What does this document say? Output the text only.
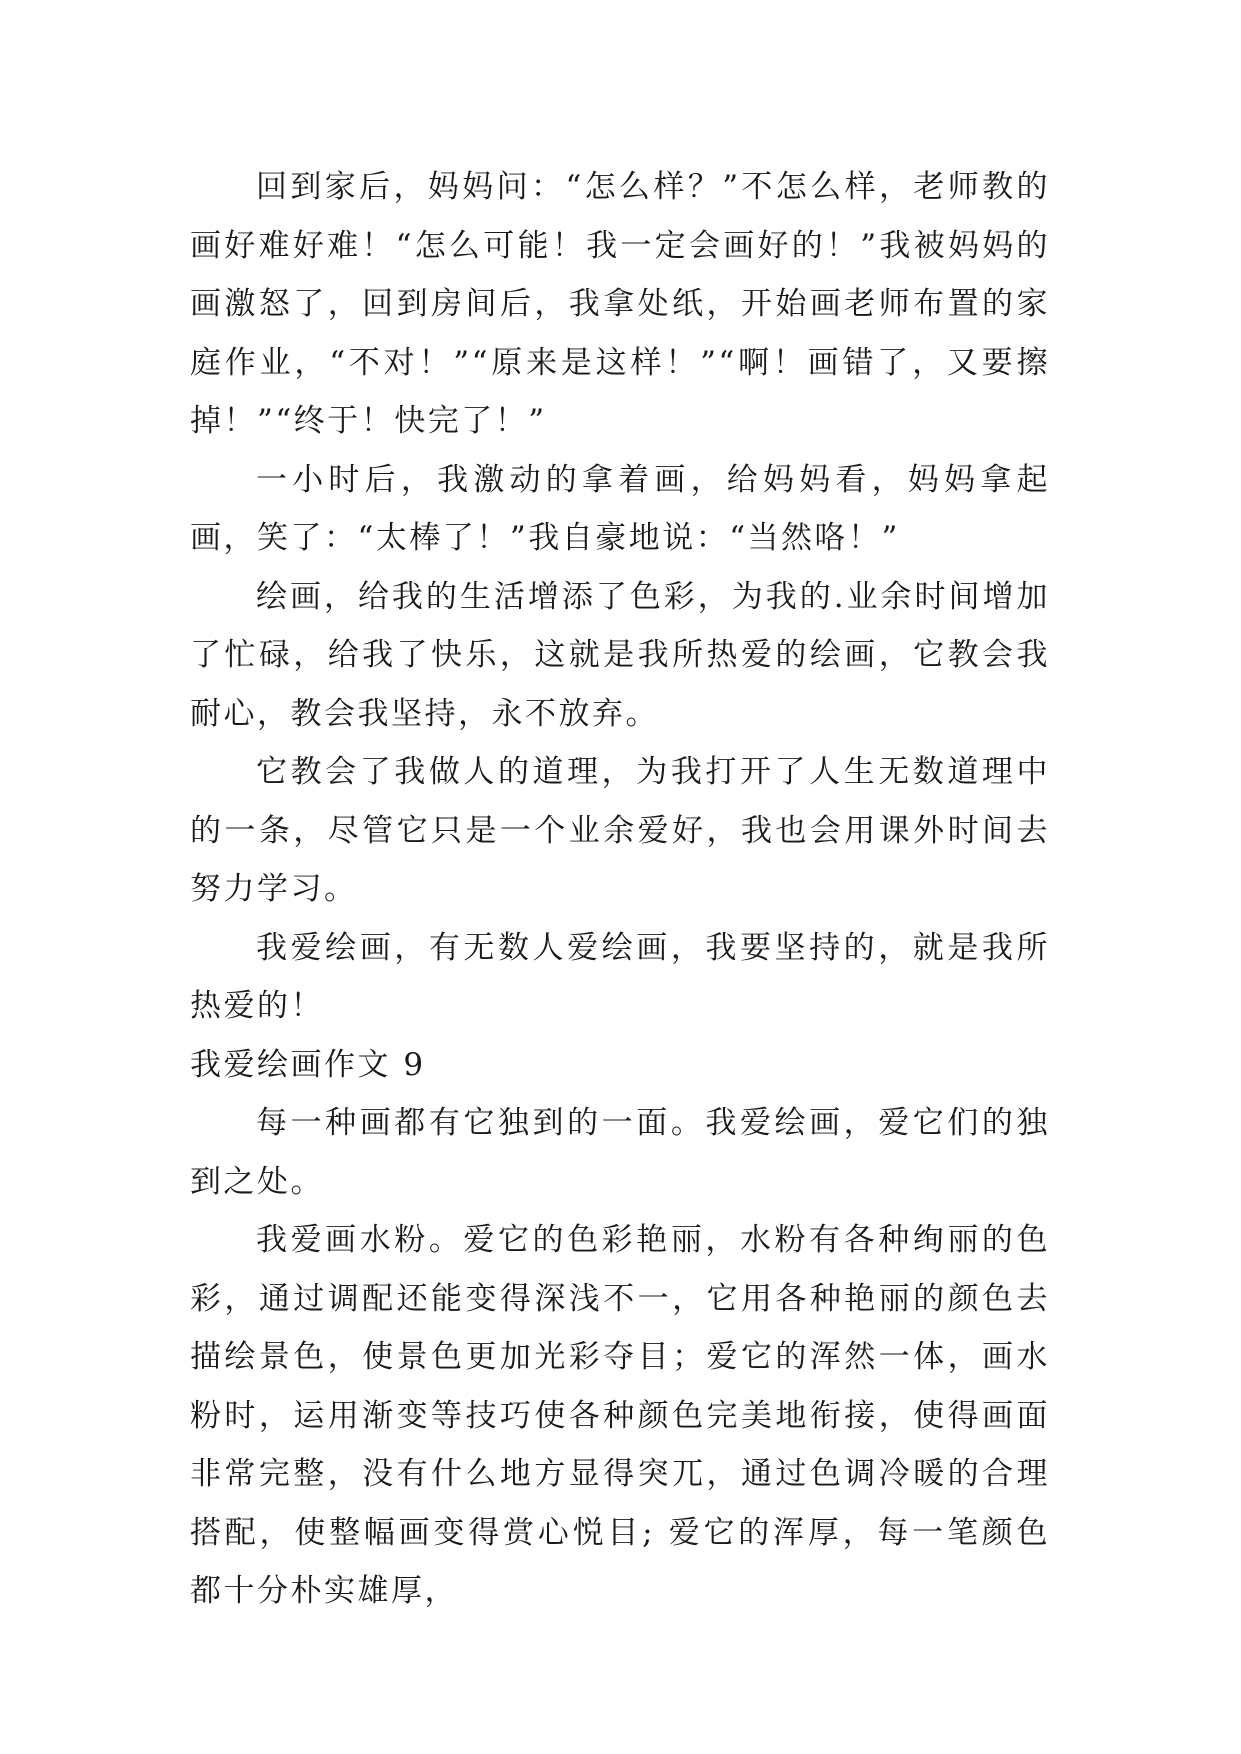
回到家后，妈妈问：“怎么样？”不怎么样，老师教的画好难好难！“怎么可能！我一定会画好的！”我被妈妈的画激怒了，回到房间后，我拿处纸，开始画老师布置的家庭作业，“不对！”“原来是这样！”“啊！画错了，又要擦掉！”“终于！快完了！”

一小时后，我激动的拿着画，给妈妈看，妈妈拿起画，笑了：“太棒了！”我自豪地说：“当然咯！”

绘画，给我的生活增添了色彩，为我的.业余时间增加了忙碌，给我了快乐，这就是我所热爱的绘画，它教会我耐心，教会我坚持，永不放弃。

它教会了我做人的道理，为我打开了人生无数道理中的一条，尽管它只是一个业余爱好，我也会用课外时间去努力学习。

我爱绘画，有无数人爱绘画，我要坚持的，就是我所热爱的！

我爱绘画作文 9

每一种画都有它独到的一面。我爱绘画，爱它们的独到之处。

我爱画水粉。爱它的色彩艳丽，水粉有各种绚丽的色彩，通过调配还能变得深浅不一，它用各种艳丽的颜色去描绘景色，使景色更加光彩夺目；爱它的浑然一体，画水粉时，运用渐变等技巧使各种颜色完美地衔接，使得画面非常完整，没有什么地方显得突兀，通过色调冷暖的合理搭配，使整幅画变得赏心悦目; 爱它的浑厚，每一笔颜色都十分朴实雄厚，
